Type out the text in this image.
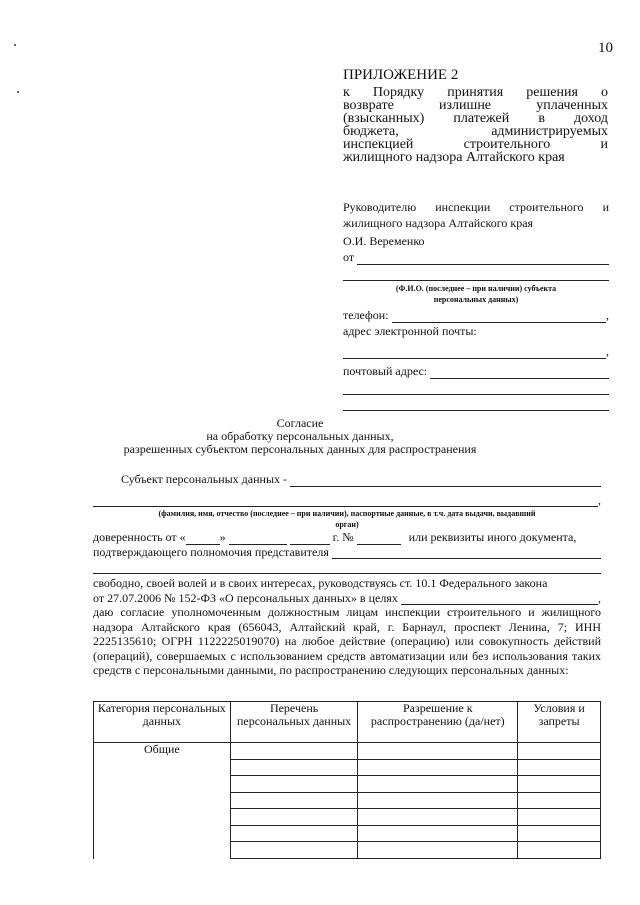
10
ПРИЛОЖЕНИЕ 2
к Порядку принятия решения о
возврате излишне уплаченных
(взысканных) платежей в доход
бюджета, администрируемых
инспекцией строительного и
жилищного надзора Алтайского края
Руководителю инспекции строительного и
жилищного надзора Алтайского края
О.И. Веременко
от
(Ф.И.О. (последнее – при наличии) субъекта
персональных данных)
телефон:	,
адрес электронной почты:
,
почтовый адрес:
Согласие
на обработку персональных данных,
разрешенных субъектом персональных данных для распространения
Субъект персональных данных -
,
(фамилия, имя, отчество (последнее – при наличии), паспортные данные, в т.ч. дата выдачи, выдавший
орган)
доверенность от «	»	г. №	или реквизиты иного документа,
подтверждающего полномочия представителя

свободно, своей волей и в своих интересах, руководствуясь ст. 10.1 Федерального закона

от 27.07.2006 № 152-ФЗ «О персональных данных» в целях	,

даю согласие уполномоченным должностным лицам инспекции строительного и жилищного надзора Алтайского края (656043, Алтайский край, г. Барнаул, проспект Ленина, 7; ИНН 2225135610; ОГРН 1122225019070) на любое действие (операцию) или совокупность действий (операций), совершаемых с использованием средств автоматизации или без использования таких средств с персональными данными, по распространению следующих персональных данных:

Категория персональных данных	Перечень персональных данных	Разрешение к распространению (да/нет)	Условия и запреты
Общие			
